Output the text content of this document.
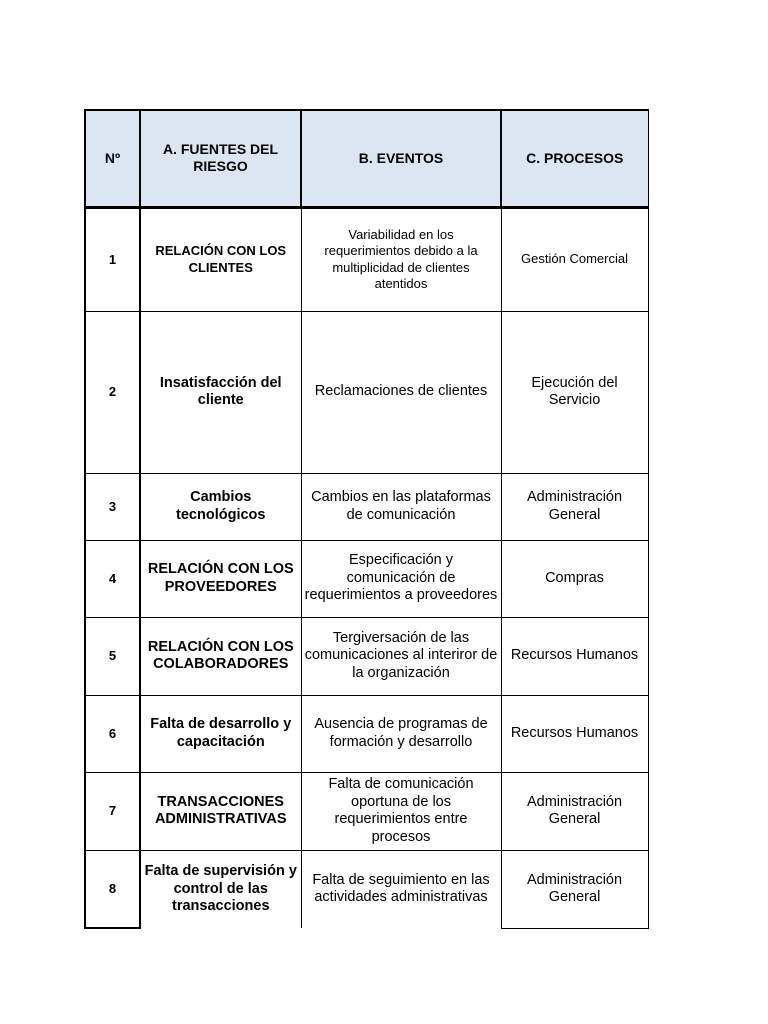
Nº	A. FUENTES DEL RIESGO	B. EVENTOS	C. PROCESOS
1	RELACIÓN CON LOS CLIENTES	Variabilidad en los requerimientos debido a la multiplicidad de clientes atentidos	Gestión Comercial
2	Insatisfacción del cliente	Reclamaciones de clientes	Ejecución del Servicio
3	Cambios tecnológicos	Cambios en las plataformas de comunicación	Administración General
4	RELACIÓN CON LOS PROVEEDORES	Especificación y comunicación de requerimientos a proveedores	Compras
5	RELACIÓN CON LOS COLABORADORES	Tergiversación de las comunicaciones al interiror de la organización	Recursos Humanos
6	Falta de desarrollo y capacitación	Ausencia de programas de formación y desarrollo	Recursos Humanos
7	TRANSACCIONES ADMINISTRATIVAS	Falta de comunicación oportuna de los requerimientos entre procesos	Administración General
8	Falta de supervisión y control de las transacciones	Falta de seguimiento en las actividades administrativas	Administración General
